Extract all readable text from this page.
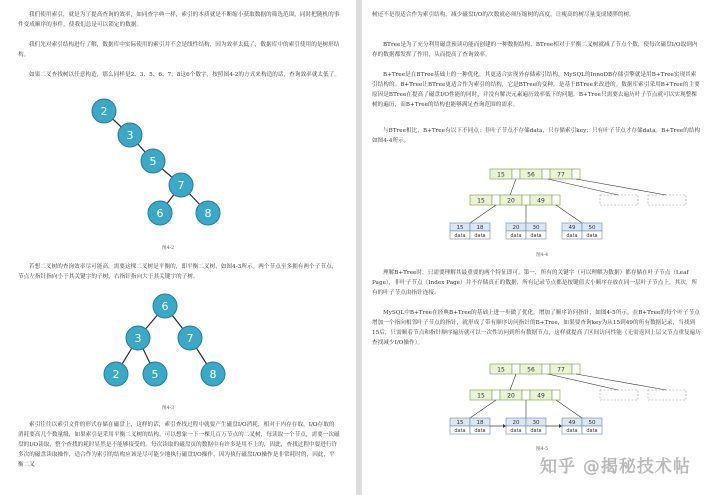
我们使用索引，就是为了提高查询的效率，如同查字典一样，索引的本质就是不断缩小获取数据的筛选范围，同时把随机的事件变成顺序的事件，使我们总是可以锁定的数据。

我们先对索引结构进行了解，数据库中实际使用的索引并不会是线性结构，因为效率太低了，数据库中的索引使用的是树形结构。

如果二叉查找树以任意构造，那么同样是2、3、5、6、7、8这6个数字，按照图4-2的方式来构造的话，查询效率就太低了。

2
3
5
7
6	8
图4-2

若想二叉树的查询效率尽可能高，需要这棵二叉树是平衡的，即平衡二叉树，如图4-3所示。两个节点至多拥有两个子节点，节点左指针指向小于其关键字的子树，右指针指向大于其关键字的子树。

6
3	7
2	5	8
图4-3

索引往往以索引文件的形式存储在磁盘上，这样的话，索引查找过程中就要产生磁盘I/O消耗，相对于内存存取，I/O存取的消耗要高几个数量级，如果索引是采用平衡二叉树的结构，可以想象一下一棵几百万节点的二叉树，每读取一个节点，需要一次磁盘的I/O读取，整个查找的耗时显然是不能够接受的。每次读取的磁盘页的数据中有许多是用不上的，因此，查找过程中要进行许多次的磁盘读取操作，适合作为索引的结构应该是尽可能少地执行磁盘I/O操作，因为执行磁盘I/O操作是非常耗时的，因此，平衡二叉

树还不是很适合作为索引结构。减少磁盘I/O的次数就必须压缩树的高度，让瘦高的树尽量变成矮胖的树。

BTree是为了充分利用磁盘预读功能而创建的一种数据结构，BTree相对于平衡二叉树就减了节点个数，使每次磁盘I/O取到内存的数据都发挥了作用，从而提高了查询效率。

B+Tree是在BTree基础上的一种优化，其更适合实现外存储索引结构，MySQL的InnoDB存储引擎就是用B+Tree实现其索引结构的。B+Tree让BTree更适合作为索引的结构，它是BTree的变种，是基于BTree来改进的。数据库索引采用B+Tree的主要原因是BTree在提高了磁盘I/O性能的同时，并没有解决元素遍历效率低下的问题。B+Tree只需要去遍历叶子节点就可以实现整棵树的遍历，而B+Tree的结构也能够满足查询范围的需求。

与BTree相比，B+Tree有以下不同点：非叶子节点不存储data，只存储索引key；只有叶子节点才存储data。B+Tree的结构如图4-4所示。

15	56	77
15	20	49
15
data
18
data
20
data
30
data
49
data
50
data
图4-4

理解B+Tree时，只需要理解其最重要的两个特征即可。第一，所有的关键字（可以理解为数据）都存储在叶子节点（Leaf Page），非叶子节点（Index Page）并不存储真正的数据，所有记录节点都是按键值大小顺序存放在同一层叶子节点上。其次，所有的叶子节点由指针连接。

MySQL中B+Tree在经典B+Tree的基础上进一步做了优化，增加了顺序访问指针，如图4-5所示。在B+Tree的每个叶子节点增加一个指向相邻叶子节点的指针，就形成了带有顺序访问指针的B+Tree，如果要查询key为从15到49的所有数据记录，当找到15后，只需顺着节点和指针顺序遍历就可以一次性访问到所有数据节点，这样就提高了区间访问性能（无需返回上层父节点重复遍历查找减少I/O操作）。

15	56	77
15	20	49
15
data
18
data
20
data
30
data
49
data
50
data
图4-5
知乎 @揭秘技术帖
